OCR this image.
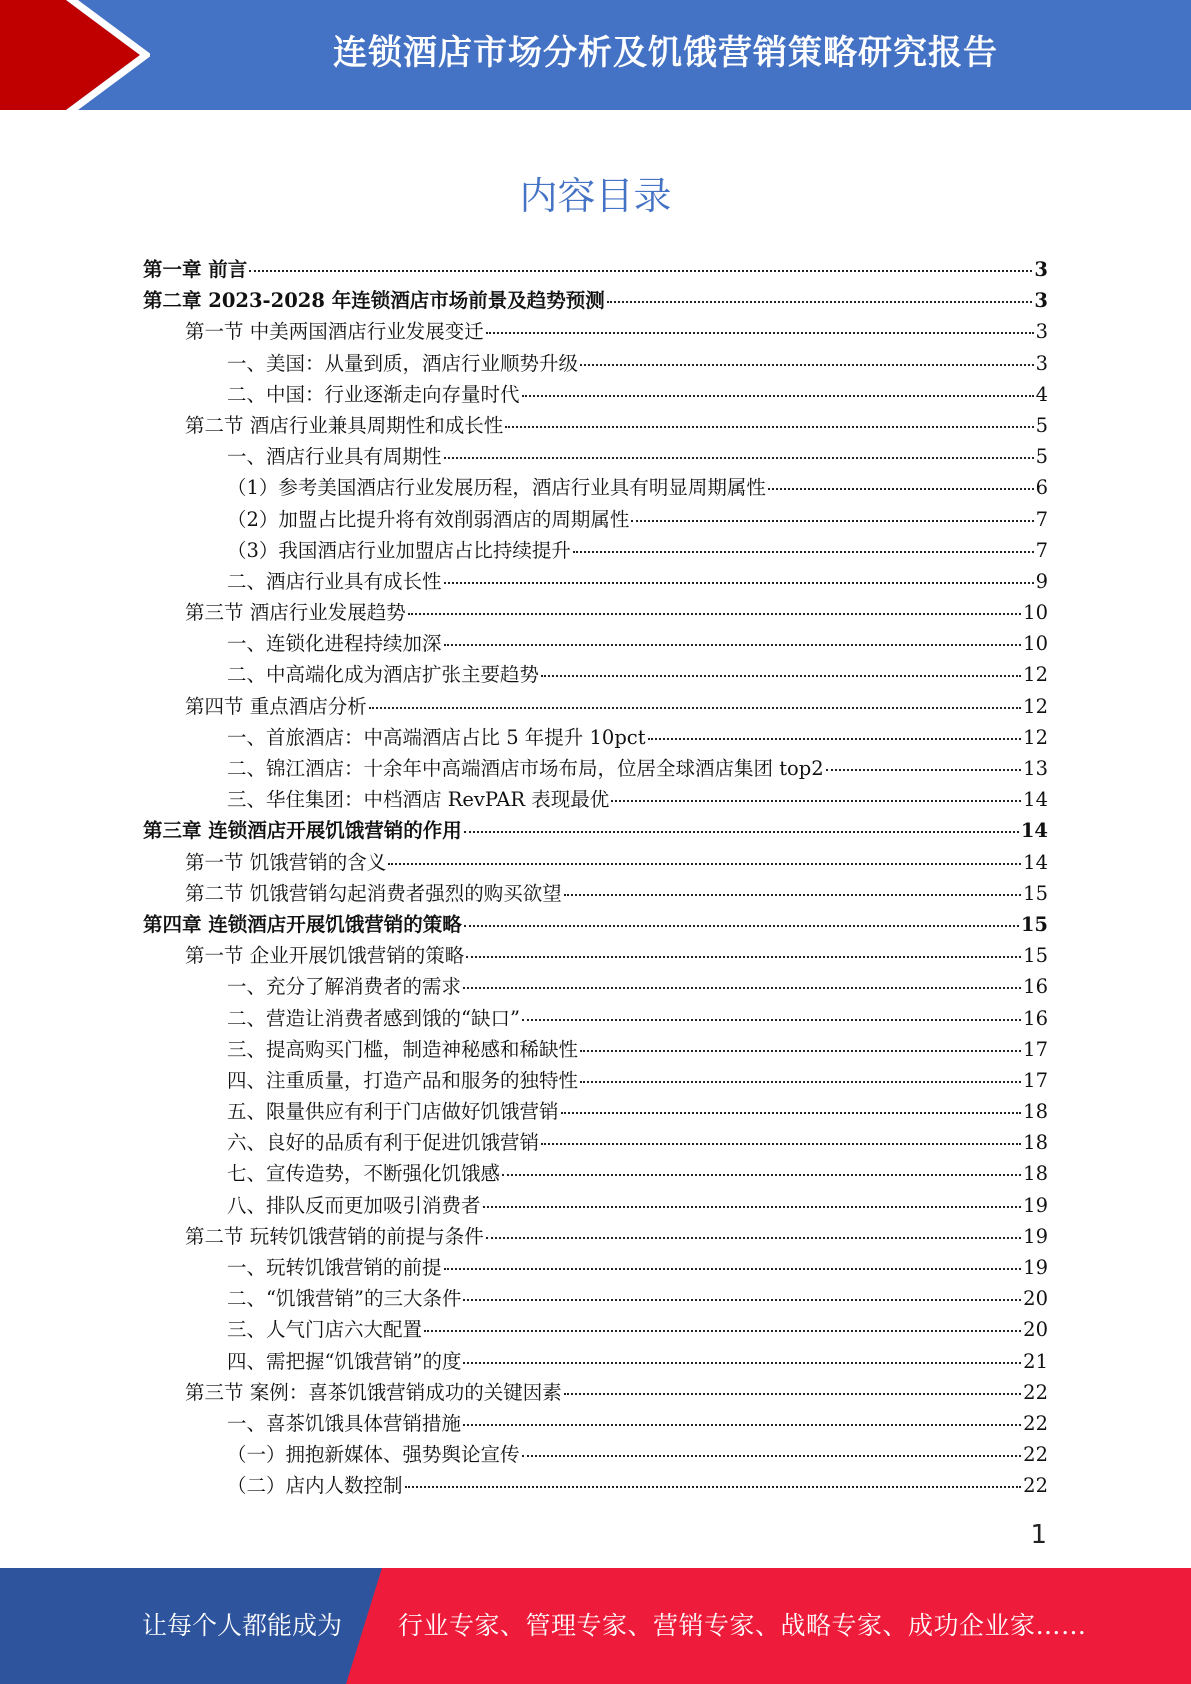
连锁酒店市场分析及饥饿营销策略研究报告
内容目录
第一章 前言	3
第二章 2023-2028 年连锁酒店市场前景及趋势预测	3
第一节 中美两国酒店行业发展变迁	3
一、美国：从量到质，酒店行业顺势升级	3
二、中国：行业逐渐走向存量时代	4
第二节 酒店行业兼具周期性和成长性	5
一、酒店行业具有周期性	5
（1）参考美国酒店行业发展历程，酒店行业具有明显周期属性	6
（2）加盟占比提升将有效削弱酒店的周期属性	7
（3）我国酒店行业加盟店占比持续提升	7
二、酒店行业具有成长性	9
第三节 酒店行业发展趋势	10
一、连锁化进程持续加深	10
二、中高端化成为酒店扩张主要趋势	12
第四节 重点酒店分析	12
一、首旅酒店：中高端酒店占比 5 年提升 10pct	12
二、锦江酒店：十余年中高端酒店市场布局，位居全球酒店集团 top2	13
三、华住集团：中档酒店 RevPAR 表现最优	14
第三章 连锁酒店开展饥饿营销的作用	14
第一节 饥饿营销的含义	14
第二节 饥饿营销勾起消费者强烈的购买欲望	15
第四章 连锁酒店开展饥饿营销的策略	15
第一节 企业开展饥饿营销的策略	15
一、充分了解消费者的需求	16
二、营造让消费者感到饿的“缺口”	16
三、提高购买门槛，制造神秘感和稀缺性	17
四、注重质量，打造产品和服务的独特性	17
五、限量供应有利于门店做好饥饿营销	18
六、良好的品质有利于促进饥饿营销	18
七、宣传造势，不断强化饥饿感	18
八、排队反而更加吸引消费者	19
第二节 玩转饥饿营销的前提与条件	19
一、玩转饥饿营销的前提	19
二、“饥饿营销”的三大条件	20
三、人气门店六大配置	20
四、需把握“饥饿营销”的度	21
第三节 案例：喜茶饥饿营销成功的关键因素	22
一、喜茶饥饿具体营销措施	22
（一）拥抱新媒体、强势舆论宣传	22
（二）店内人数控制	22
1
让每个人都能成为 行业专家、管理专家、营销专家、战略专家、成功企业家……
